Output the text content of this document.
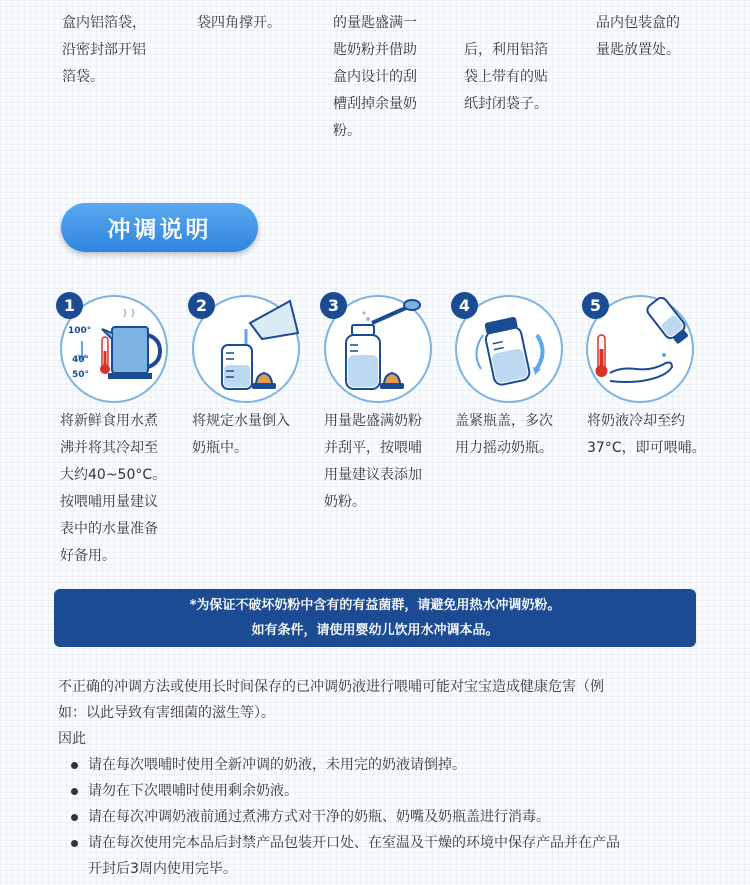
盒内铝箔袋，
沿密封部开铝
箔袋。
袋四角撑开。	的量匙盛满一
匙奶粉并借助
盒内设计的刮
槽刮掉余量奶
粉。
后，利用铝箔
袋上带有的贴
纸封闭袋子。
品内包装盒的
量匙放置处。
冲调说明
100°
40°
50°
1
将新鲜食用水煮
沸并将其冷却至
大约40~50°C。
按喂哺用量建议
表中的水量准备
好备用。
2
将规定水量倒入
奶瓶中。
3
用量匙盛满奶粉
并刮平，按喂哺
用量建议表添加
奶粉。
4
盖紧瓶盖，多次
用力摇动奶瓶。
5
将奶液冷却至约
37°C，即可喂哺。
*为保证不破坏奶粉中含有的有益菌群，请避免用热水冲调奶粉。
如有条件，请使用婴幼儿饮用水冲调本品。
不正确的冲调方法或使用长时间保存的已冲调奶液进行喂哺可能对宝宝造成健康危害（例
如：以此导致有害细菌的滋生等）。
因此
请在每次喂哺时使用全新冲调的奶液，未用完的奶液请倒掉。
请勿在下次喂哺时使用剩余奶液。
请在每次冲调奶液前通过煮沸方式对干净的奶瓶、奶嘴及奶瓶盖进行消毒。
请在每次使用完本品后封禁产品包装开口处、在室温及干燥的环境中保存产品并在产品
开封后3周内使用完毕。
